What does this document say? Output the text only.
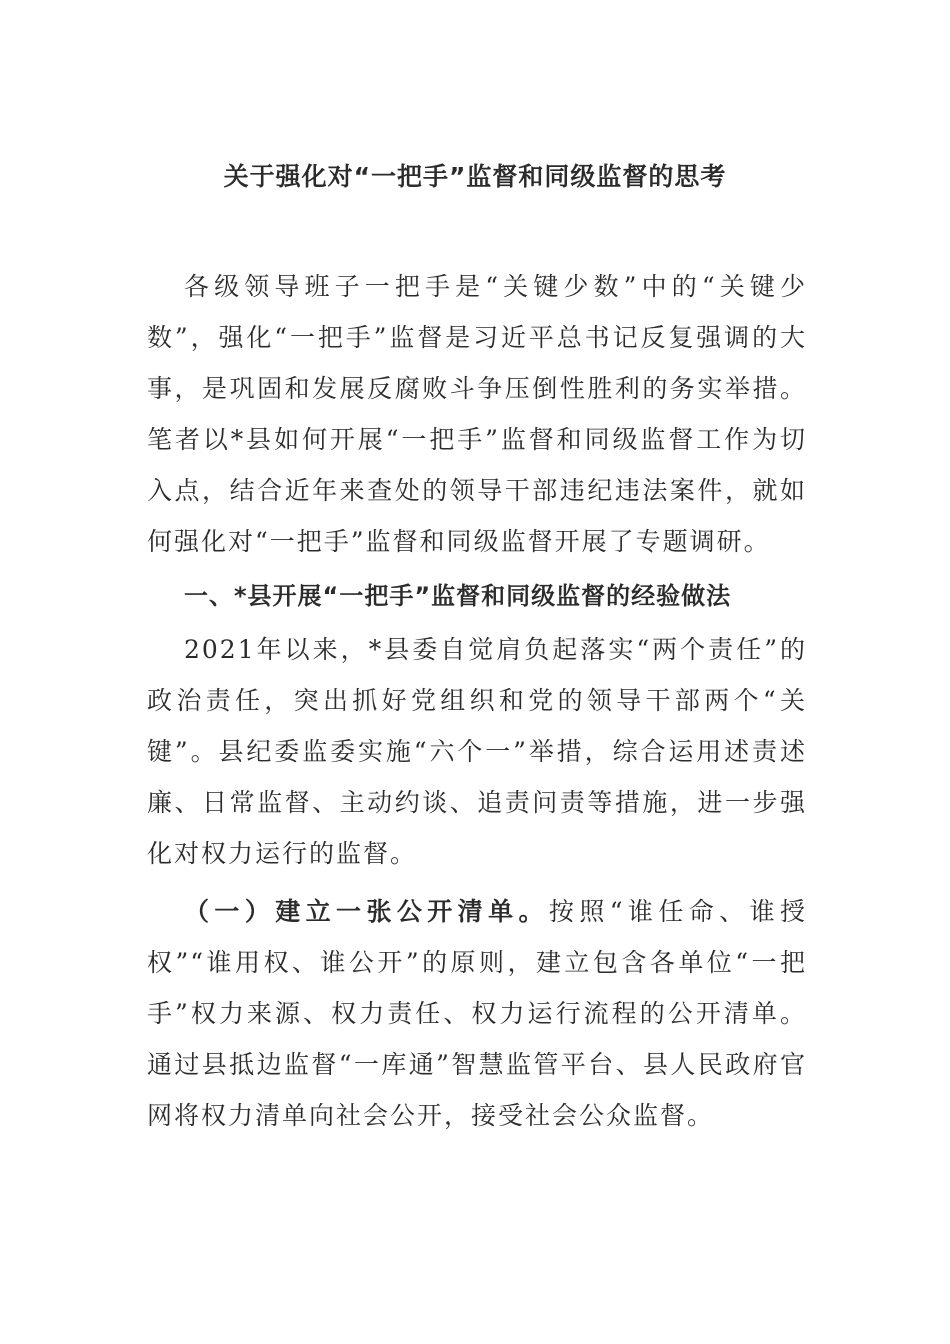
关于强化对“一把手”监督和同级监督的思考

各级领导班子一把手是“关键少数”中的“关键少数”，强化“一把手”监督是习近平总书记反复强调的大事，是巩固和发展反腐败斗争压倒性胜利的务实举措。笔者以*县如何开展“一把手”监督和同级监督工作为切入点，结合近年来查处的领导干部违纪违法案件，就如何强化对“一把手”监督和同级监督开展了专题调研。

一、*县开展“一把手”监督和同级监督的经验做法

2021年以来，*县委自觉肩负起落实“两个责任”的政治责任，突出抓好党组织和党的领导干部两个“关键”。县纪委监委实施“六个一”举措，综合运用述责述廉、日常监督、主动约谈、追责问责等措施，进一步强化对权力运行的监督。

（一）建立一张公开清单。按照“谁任命、谁授权”“谁用权、谁公开”的原则，建立包含各单位“一把手”权力来源、权力责任、权力运行流程的公开清单。通过县抵边监督“一库通”智慧监管平台、县人民政府官网将权力清单向社会公开，接受社会公众监督。
